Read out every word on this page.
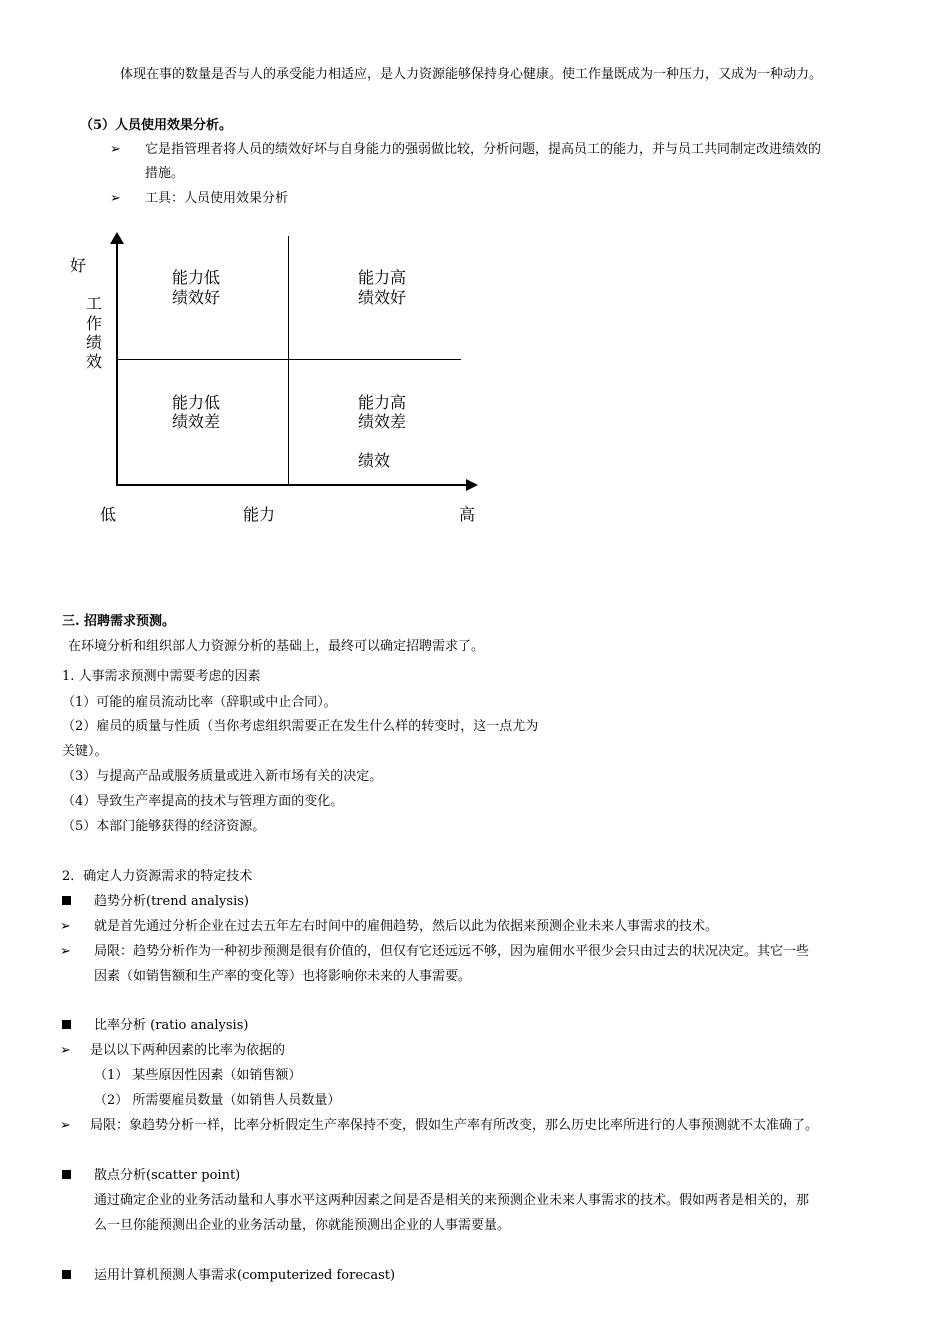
体现在事的数量是否与人的承受能力相适应，是人力资源能够保持身心健康。使工作量既成为一种压力，又成为一种动力。
（5）人员使用效果分析。
➢ 它是指管理者将人员的绩效好坏与自身能力的强弱做比较，分析问题，提高员工的能力，并与员工共同制定改进绩效的
措施。
➢ 工具：人员使用效果分析
好
工
作
绩
效
能力低
绩效好
能力高
绩效好
能力低
绩效差
能力高
绩效差
绩效
低	能力	高
三. 招聘需求预测。
在环境分析和组织部人力资源分析的基础上，最终可以确定招聘需求了。
1. 人事需求预测中需要考虑的因素
（1）可能的雇员流动比率（辞职或中止合同）。
（2）雇员的质量与性质（当你考虑组织需要正在发生什么样的转变时，这一点尤为
关键）。
（3）与提高产品或服务质量或进入新市场有关的决定。
（4）导致生产率提高的技术与管理方面的变化。
（5）本部门能够获得的经济资源。
2．确定人力资源需求的特定技术
趋势分析(trend analysis)
➢ 就是首先通过分析企业在过去五年左右时间中的雇佣趋势，然后以此为依据来预测企业未来人事需求的技术。
➢ 局限：趋势分析作为一种初步预测是很有价值的，但仅有它还远远不够，因为雇佣水平很少会只由过去的状况决定。其它一些
因素（如销售额和生产率的变化等）也将影响你未来的人事需要。
比率分析 (ratio analysis)
➢ 是以以下两种因素的比率为依据的
（1） 某些原因性因素（如销售额）
（2） 所需要雇员数量（如销售人员数量）
➢ 局限：象趋势分析一样，比率分析假定生产率保持不变，假如生产率有所改变，那么历史比率所进行的人事预测就不太准确了。
散点分析(scatter point)
通过确定企业的业务活动量和人事水平这两种因素之间是否是相关的来预测企业未来人事需求的技术。假如两者是相关的，那
么一旦你能预测出企业的业务活动量，你就能预测出企业的人事需要量。
运用计算机预测人事需求(computerized forecast)
